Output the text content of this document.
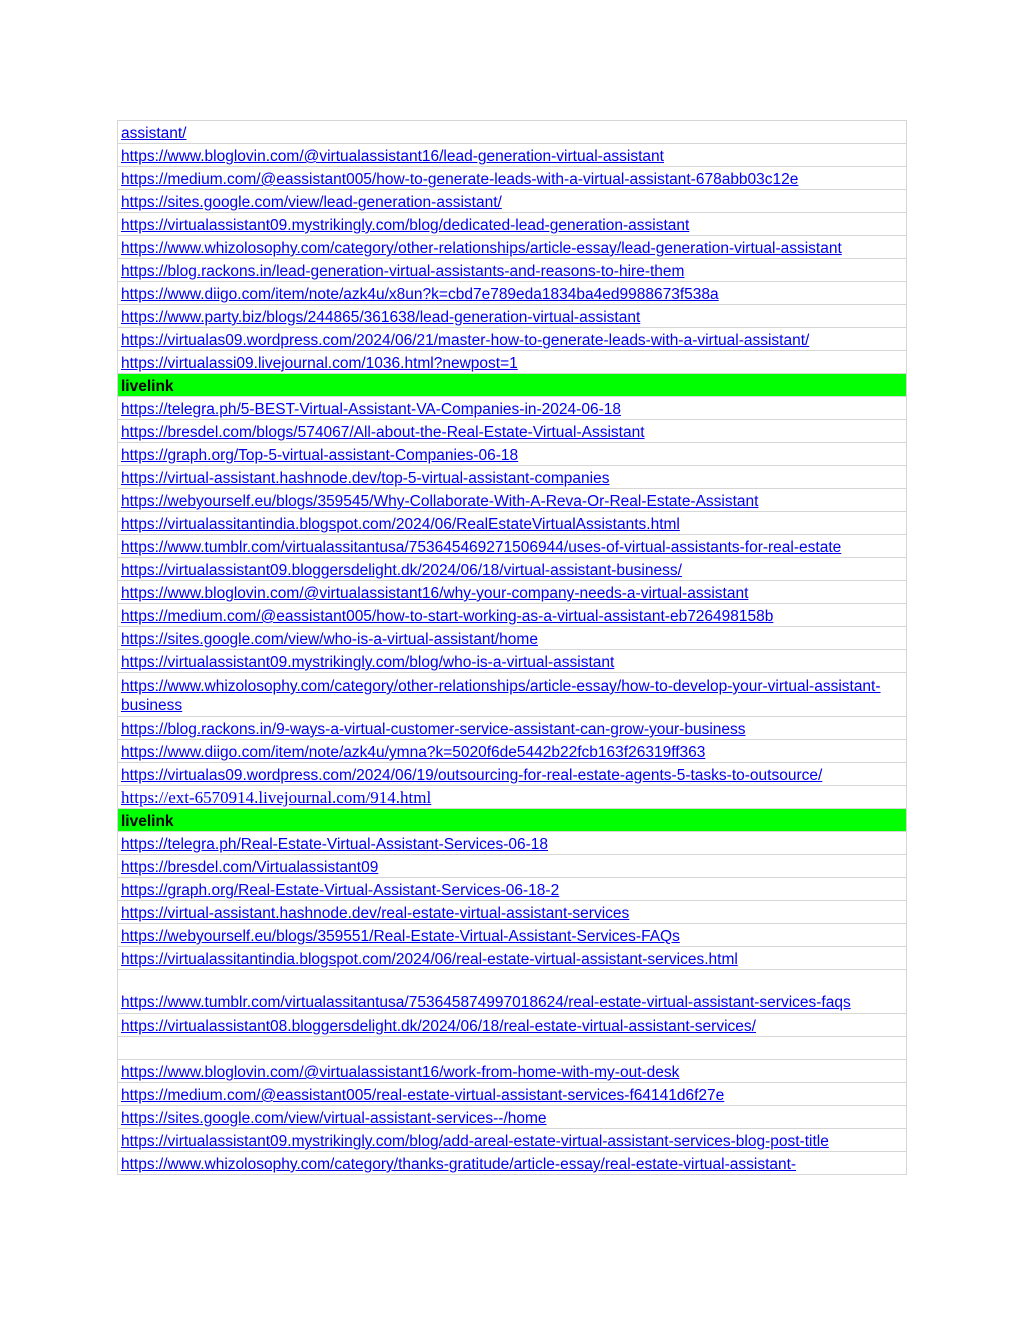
assistant/
https://www.bloglovin.com/@virtualassistant16/lead-generation-virtual-assistant
https://medium.com/@eassistant005/how-to-generate-leads-with-a-virtual-assistant-678abb03c12e
https://sites.google.com/view/lead-generation-assistant/
https://virtualassistant09.mystrikingly.com/blog/dedicated-lead-generation-assistant
https://www.whizolosophy.com/category/other-relationships/article-essay/lead-generation-virtual-assistant
https://blog.rackons.in/lead-generation-virtual-assistants-and-reasons-to-hire-them
https://www.diigo.com/item/note/azk4u/x8un?k=cbd7e789eda1834ba4ed9988673f538a
https://www.party.biz/blogs/244865/361638/lead-generation-virtual-assistant
https://virtualas09.wordpress.com/2024/06/21/master-how-to-generate-leads-with-a-virtual-assistant/
https://virtualassi09.livejournal.com/1036.html?newpost=1
livelink
https://telegra.ph/5-BEST-Virtual-Assistant-VA-Companies-in-2024-06-18
https://bresdel.com/blogs/574067/All-about-the-Real-Estate-Virtual-Assistant
https://graph.org/Top-5-virtual-assistant-Companies-06-18
https://virtual-assistant.hashnode.dev/top-5-virtual-assistant-companies
https://webyourself.eu/blogs/359545/Why-Collaborate-With-A-Reva-Or-Real-Estate-Assistant
https://virtualassitantindia.blogspot.com/2024/06/RealEstateVirtualAssistants.html
https://www.tumblr.com/virtualassitantusa/753645469271506944/uses-of-virtual-assistants-for-real-estate
https://virtualassistant09.bloggersdelight.dk/2024/06/18/virtual-assistant-business/
https://www.bloglovin.com/@virtualassistant16/why-your-company-needs-a-virtual-assistant
https://medium.com/@eassistant005/how-to-start-working-as-a-virtual-assistant-eb726498158b
https://sites.google.com/view/who-is-a-virtual-assistant/home
https://virtualassistant09.mystrikingly.com/blog/who-is-a-virtual-assistant
https://www.whizolosophy.com/category/other-relationships/article-essay/how-to-develop-your-virtual-assistant-business
https://blog.rackons.in/9-ways-a-virtual-customer-service-assistant-can-grow-your-business
https://www.diigo.com/item/note/azk4u/ymna?k=5020f6de5442b22fcb163f26319ff363
https://virtualas09.wordpress.com/2024/06/19/outsourcing-for-real-estate-agents-5-tasks-to-outsource/
https://ext-6570914.livejournal.com/914.html
livelink
https://telegra.ph/Real-Estate-Virtual-Assistant-Services-06-18
https://bresdel.com/Virtualassistant09
https://graph.org/Real-Estate-Virtual-Assistant-Services-06-18-2
https://virtual-assistant.hashnode.dev/real-estate-virtual-assistant-services
https://webyourself.eu/blogs/359551/Real-Estate-Virtual-Assistant-Services-FAQs
https://virtualassitantindia.blogspot.com/2024/06/real-estate-virtual-assistant-services.html
https://www.tumblr.com/virtualassitantusa/753645874997018624/real-estate-virtual-assistant-services-faqs
https://virtualassistant08.bloggersdelight.dk/2024/06/18/real-estate-virtual-assistant-services/

https://www.bloglovin.com/@virtualassistant16/work-from-home-with-my-out-desk
https://medium.com/@eassistant005/real-estate-virtual-assistant-services-f64141d6f27e
https://sites.google.com/view/virtual-assistant-services--/home
https://virtualassistant09.mystrikingly.com/blog/add-areal-estate-virtual-assistant-services-blog-post-title
https://www.whizolosophy.com/category/thanks-gratitude/article-essay/real-estate-virtual-assistant-
